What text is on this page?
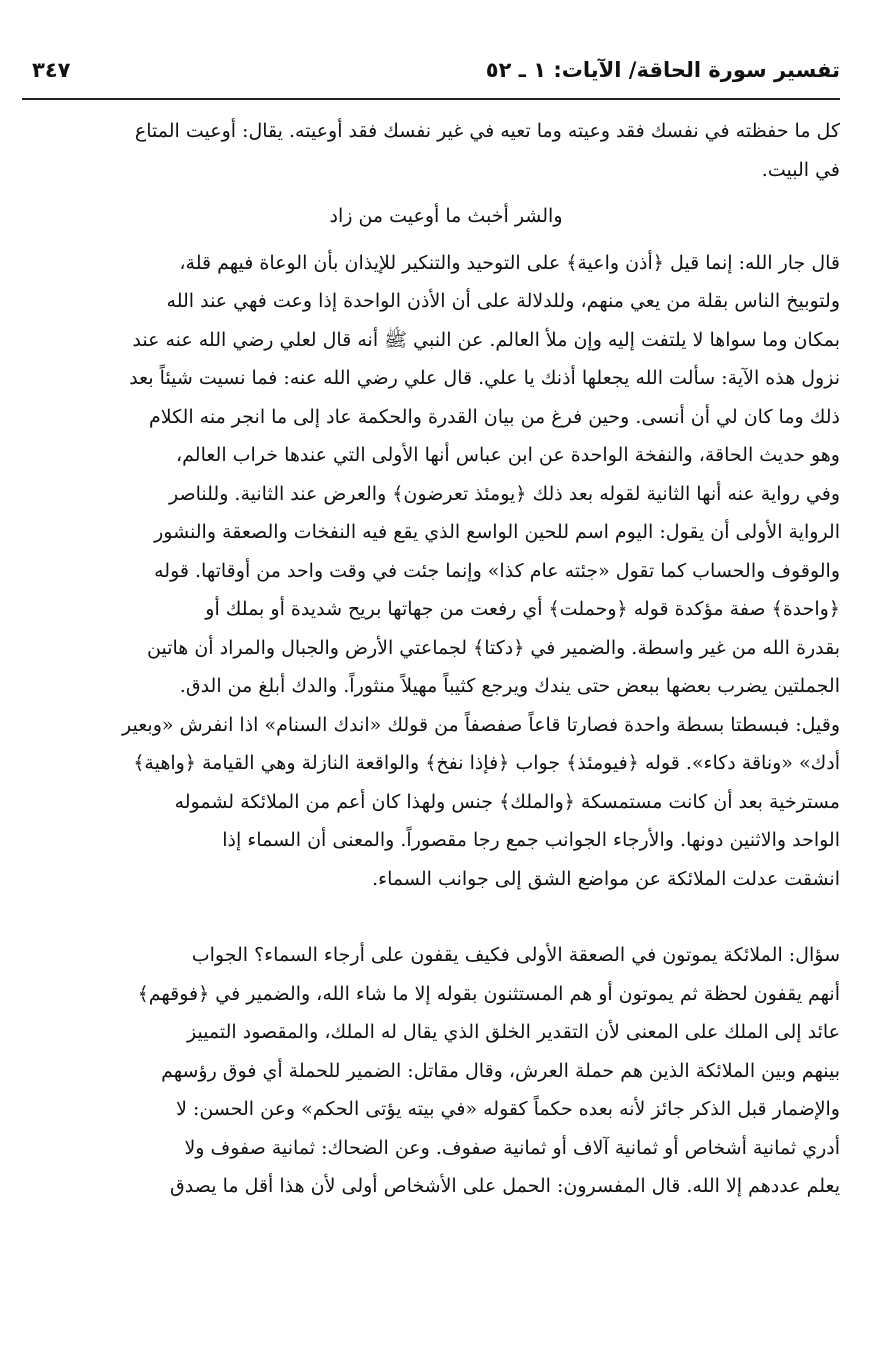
تفسير سورة الحاقة/ الآيات: ١ ـ ٥٢
٣٤٧
كل ما حفظته في نفسك فقد وعيته وما تعيه في غير نفسك فقد أوعيته. يقال: أوعيت المتاع
في البيت.
والشر أخبث ما أوعيت من زاد
قال جار الله: إنما قيل ﴿أذن واعية﴾ على التوحيد والتنكير للإيذان بأن الوعاة فيهم قلة،
ولتوبيخ الناس بقلة من يعي منهم، وللدلالة على أن الأذن الواحدة إذا وعت فهي عند الله
بمكان وما سواها لا يلتفت إليه وإن ملأ العالم. عن النبي ﷺ أنه قال لعلي رضي الله عنه عند
نزول هذه الآية: سألت الله يجعلها أذنك يا علي. قال علي رضي الله عنه: فما نسيت شيئاً بعد
ذلك وما كان لي أن أنسى. وحين فرغ من بيان القدرة والحكمة عاد إلى ما انجر منه الكلام
وهو حديث الحاقة، والنفخة الواحدة عن ابن عباس أنها الأولى التي عندها خراب العالم،
وفي رواية عنه أنها الثانية لقوله بعد ذلك ﴿يومئذ تعرضون﴾ والعرض عند الثانية. وللناصر
الرواية الأولى أن يقول: اليوم اسم للحين الواسع الذي يقع فيه النفخات والصعقة والنشور
والوقوف والحساب كما تقول «جئته عام كذا» وإنما جئت في وقت واحد من أوقاتها. قوله
﴿واحدة﴾ صفة مؤكدة قوله ﴿وحملت﴾ أي رفعت من جهاتها بريح شديدة أو بملك أو
بقدرة الله من غير واسطة. والضمير في ﴿دكتا﴾ لجماعتي الأرض والجبال والمراد أن هاتين
الجملتين يضرب بعضها ببعض حتى يندك ويرجع كثيباً مهيلاً منثوراً. والدك أبلغ من الدق.
وقيل: فبسطتا بسطة واحدة فصارتا قاعاً صفصفاً من قولك «اندك السنام» اذا انفرش «وبعير
أدك» «وناقة دكاء». قوله ﴿فيومئذ﴾ جواب ﴿فإذا نفخ﴾ والواقعة النازلة وهي القيامة ﴿واهية﴾
مسترخية بعد أن كانت مستمسكة ﴿والملك﴾ جنس ولهذا كان أعم من الملائكة لشموله
الواحد والاثنين دونها. والأرجاء الجوانب جمع رجا مقصوراً. والمعنى أن السماء إذا
انشقت عدلت الملائكة عن مواضع الشق إلى جوانب السماء.
سؤال: الملائكة يموتون في الصعقة الأولى فكيف يقفون على أرجاء السماء؟ الجواب
أنهم يقفون لحظة ثم يموتون أو هم المستثنون بقوله إلا ما شاء الله، والضمير في ﴿فوقهم﴾
عائد إلى الملك على المعنى لأن التقدير الخلق الذي يقال له الملك، والمقصود التمييز
بينهم وبين الملائكة الذين هم حملة العرش، وقال مقاتل: الضمير للحملة أي فوق رؤسهم
والإضمار قبل الذكر جائز لأنه بعده حكماً كقوله «في بيته يؤتى الحكم» وعن الحسن: لا
أدري ثمانية أشخاص أو ثمانية آلاف أو ثمانية صفوف. وعن الضحاك: ثمانية صفوف ولا
يعلم عددهم إلا الله. قال المفسرون: الحمل على الأشخاص أولى لأن هذا أقل ما يصدق
